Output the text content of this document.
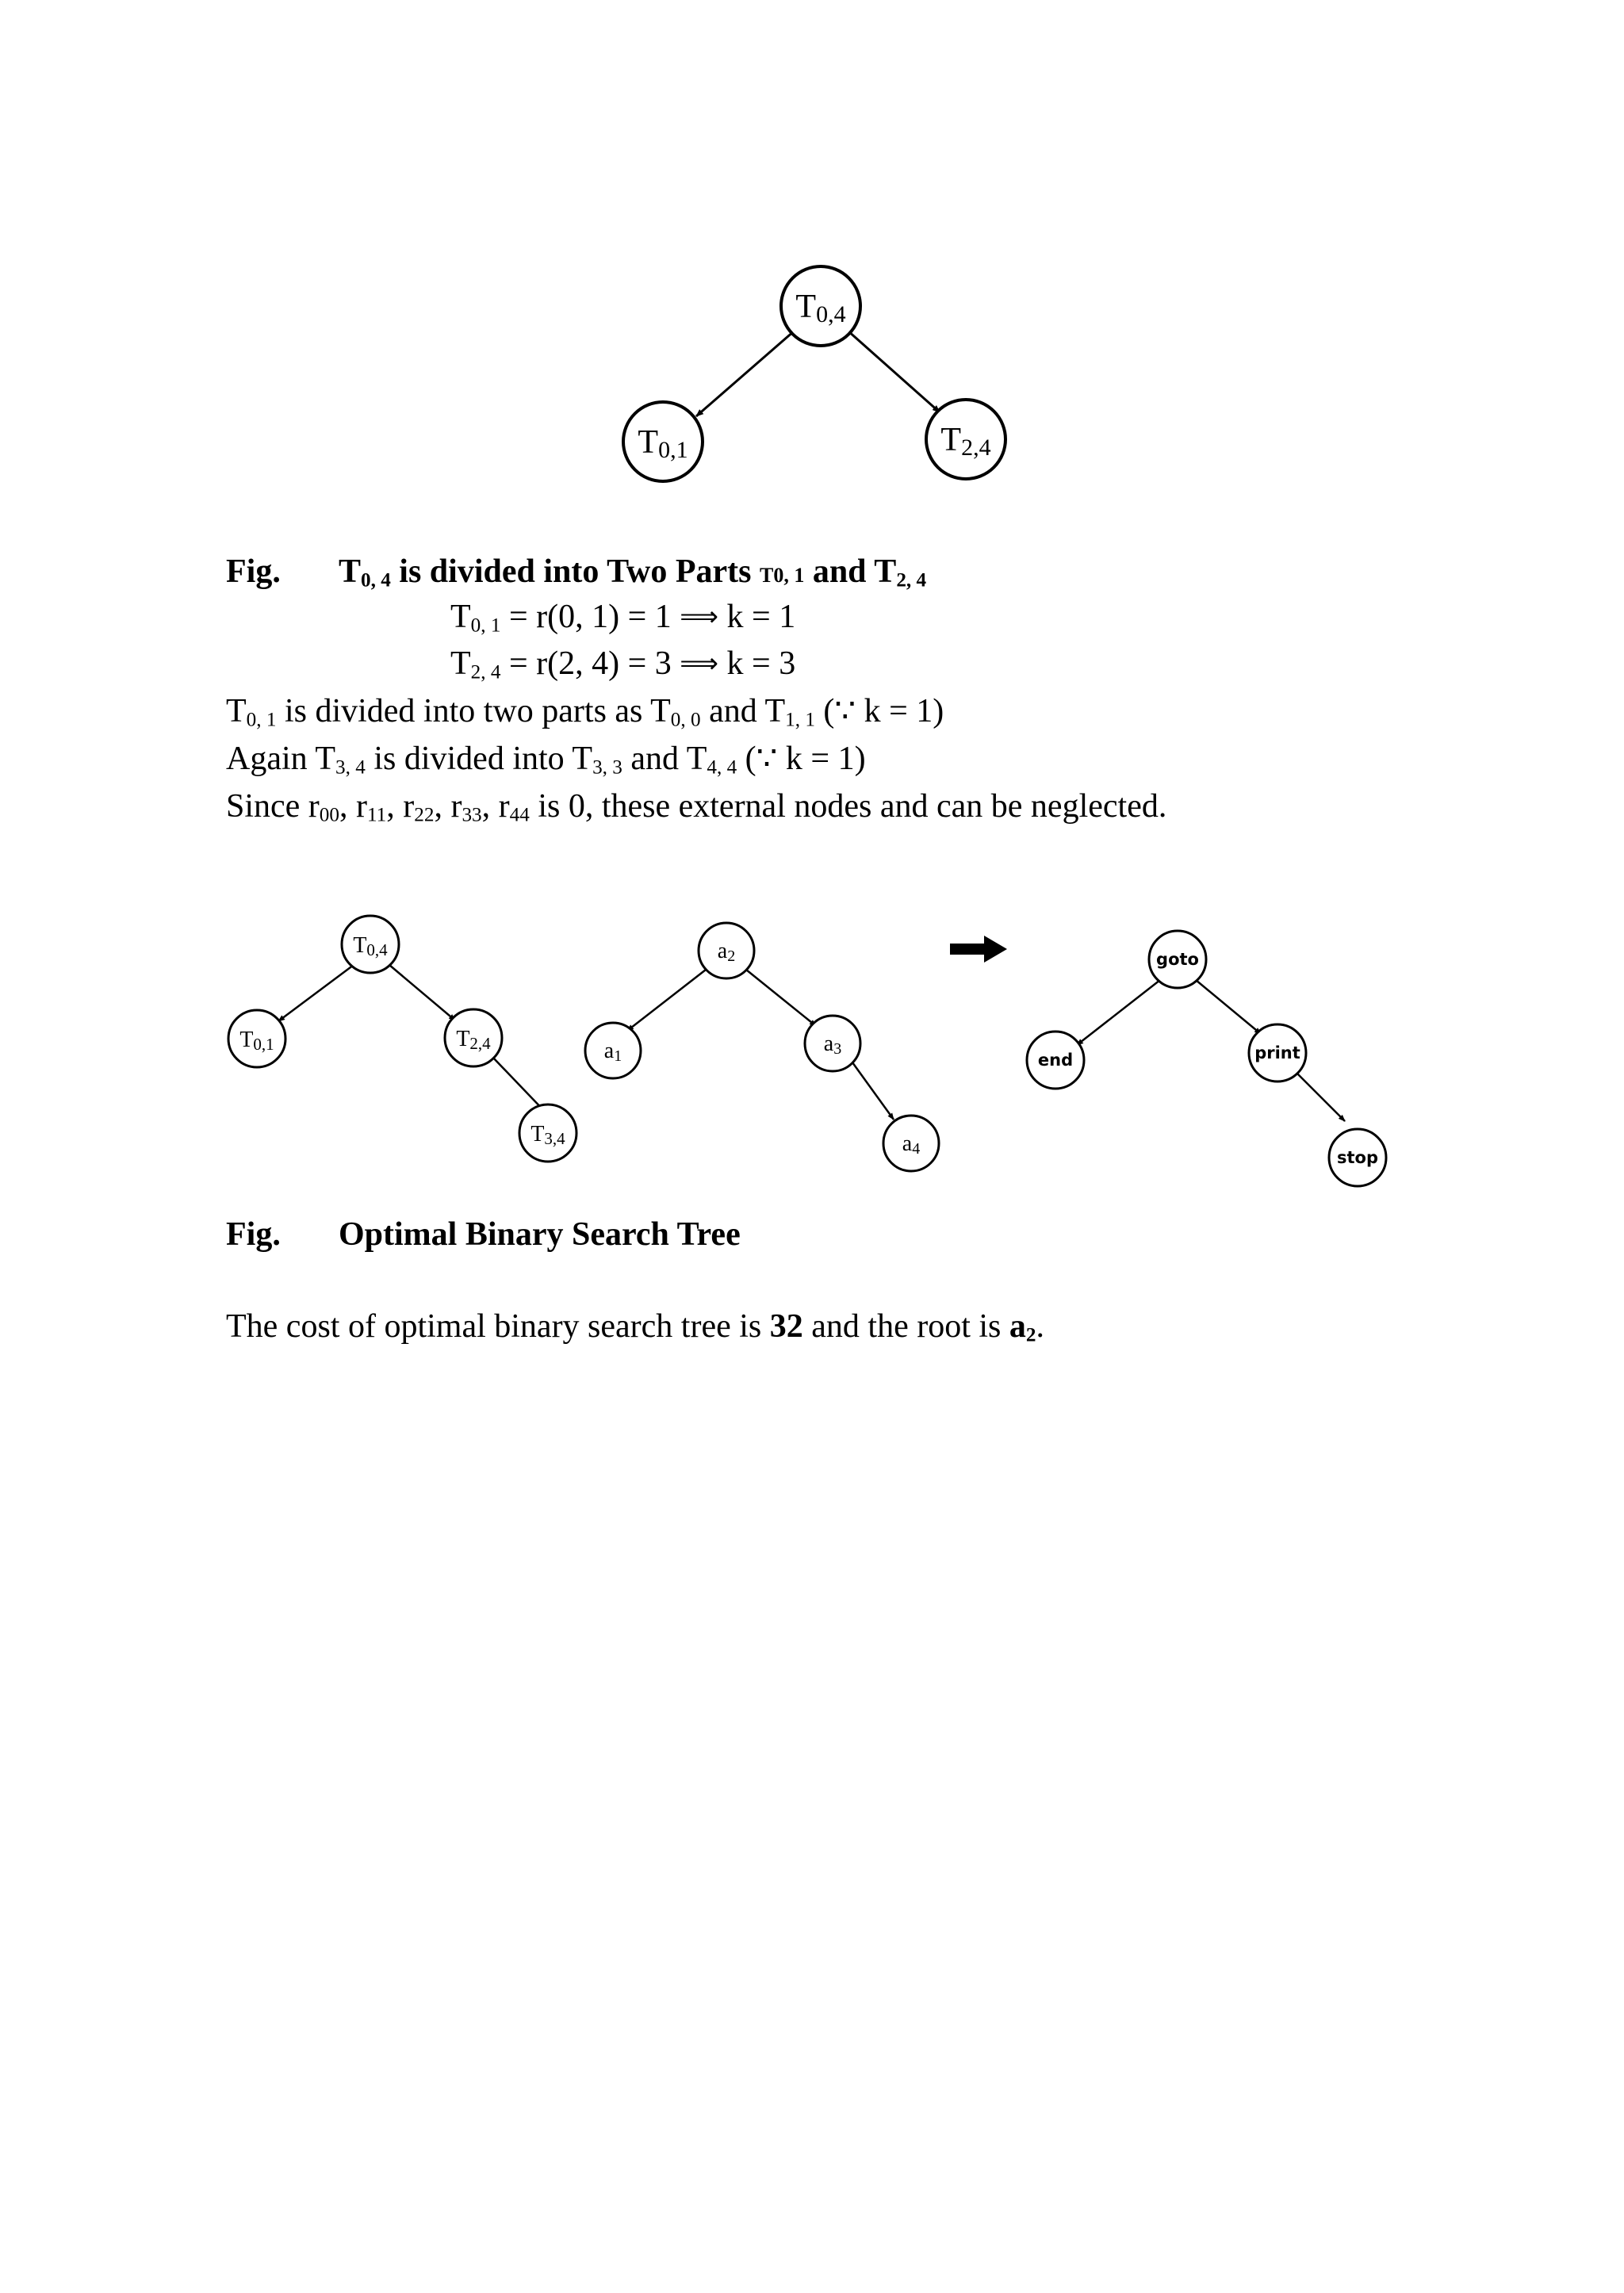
T0,4
T0,1	T2,4
Fig. $T_{0, 4}$ is divided into Two Parts T0, 1 and $T_{2, 4}$
$T_{0, 1} = r(0$, 1) = 1 ⟹ k = 1
$T_{2, 4} = r(2$, 4) = 3 ⟹ k = 3
$T_{0, 1}$ is divided into two parts as $T_{0, 0}$ and $T_{1, 1}$ (∵ k = 1)
Again $T_{3, 4}$ is divided into $T_{3, 3}$ and $T_{4, 4}$ (∵ k = 1)
Since $r_{00}$, $r_{11}$, $r_{22}$, $r_{33}$, $r_{44}$ is 0, these external nodes and can be neglected.
T0,4
T0,1	T2,4
T3,4
a2
a1	a3
a4
goto
end	print
stop
Fig. Optimal Binary Search Tree
The cost of optimal binary search tree is 32 and the root is $a_2$.
